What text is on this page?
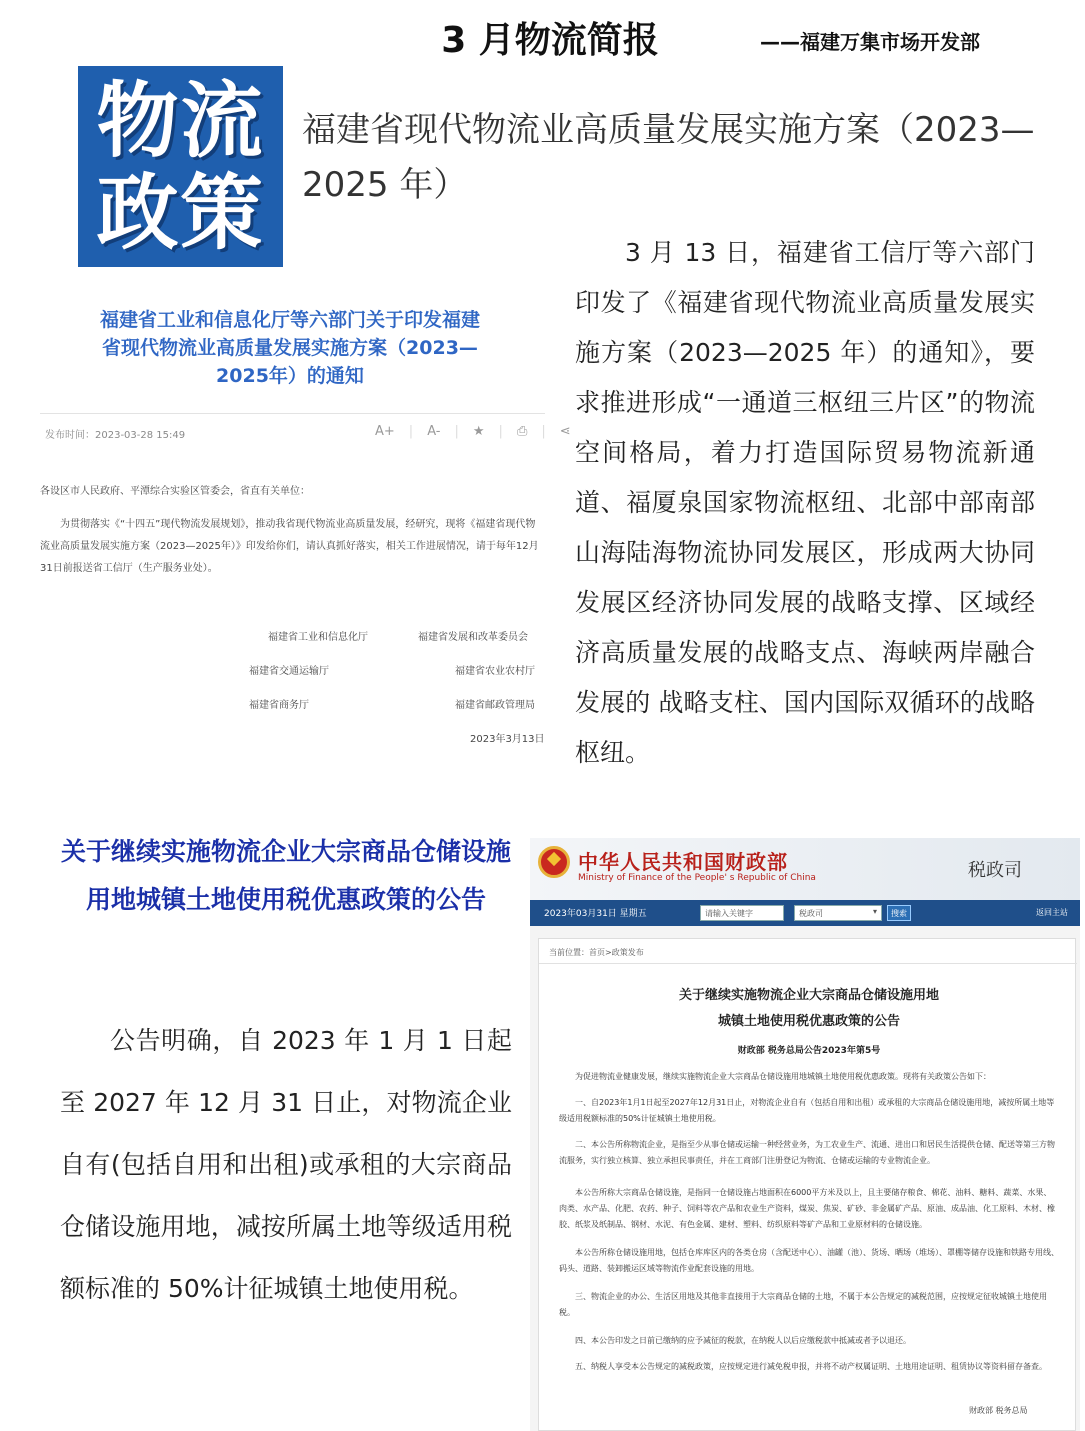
3 月物流简报	——福建万集市场开发部
物流
政策
福建省现代物流业高质量发展实施方案（2023—2025 年）
3 月 13 日，福建省工信厅等六部门印发了《福建省现代物流业高质量发展实施方案（2023—2025 年）的通知》，要求推进形成“一通道三枢纽三片区”的物流空间格局，着力打造国际贸易物流新通道、福厦泉国家物流枢纽、北部中部南部山海陆海物流协同发展区，形成两大协同发展区经济协同发展的战略支撑、区域经济高质量发展的战略支点、海峡两岸融合发展的 战略支柱、国内国际双循环的战略枢纽。
福建省工业和信息化厅等六部门关于印发福建省现代物流业高质量发展实施方案（2023—2025年）的通知
发布时间：2023-03-28 15:49	A+ | A- | ★ | ⎙ | ⋖
各设区市人民政府、平潭综合实验区管委会，省直有关单位：
为贯彻落实《“十四五”现代物流发展规划》，推动我省现代物流业高质量发展，经研究，现将《福建省现代物流业高质量发展实施方案（2023—2025年）》印发给你们，请认真抓好落实，相关工作进展情况，请于每年12月31日前报送省工信厅（生产服务业处）。
福建省工业和信息化厅	福建省发展和改革委员会
福建省交通运输厅	福建省农业农村厅
福建省商务厅	福建省邮政管理局
2023年3月13日
关于继续实施物流企业大宗商品仓储设施用地城镇土地使用税优惠政策的公告
公告明确，自 2023 年 1 月 1 日起至 2027 年 12 月 31 日止，对物流企业自有(包括自用和出租)或承租的大宗商品仓储设施用地，减按所属土地等级适用税额标准的 50%计征城镇土地使用税。
中华人民共和国财政部
Ministry of Finance of the People' s Republic of China	税政司
2023年03月31日 星期五	请输入关键字	税政司	▾	搜索	返回主站
当前位置：首页>政策发布
关于继续实施物流企业大宗商品仓储设施用地
城镇土地使用税优惠政策的公告
财政部 税务总局公告2023年第5号
为促进物流业健康发展，继续实施物流企业大宗商品仓储设施用地城镇土地使用税优惠政策。现将有关政策公告如下：
一、自2023年1月1日起至2027年12月31日止，对物流企业自有（包括自用和出租）或承租的大宗商品仓储设施用地，减按所属土地等级适用税额标准的50%计征城镇土地使用税。
二、本公告所称物流企业，是指至少从事仓储或运输一种经营业务，为工农业生产、流通、进出口和居民生活提供仓储、配送等第三方物流服务，实行独立核算、独立承担民事责任，并在工商部门注册登记为物流、仓储或运输的专业物流企业。
本公告所称大宗商品仓储设施，是指同一仓储设施占地面积在6000平方米及以上，且主要储存粮食、棉花、油料、糖料、蔬菜、水果、肉类、水产品、化肥、农药、种子、饲料等农产品和农业生产资料，煤炭、焦炭、矿砂、非金属矿产品、原油、成品油、化工原料、木材、橡胶、纸浆及纸制品、钢材、水泥、有色金属、建材、塑料、纺织原料等矿产品和工业原材料的仓储设施。
本公告所称仓储设施用地，包括仓库库区内的各类仓房（含配送中心）、油罐（池）、货场、晒场（堆场）、罩棚等储存设施和铁路专用线、码头、道路、装卸搬运区域等物流作业配套设施的用地。
三、物流企业的办公、生活区用地及其他非直接用于大宗商品仓储的土地，不属于本公告规定的减税范围，应按规定征收城镇土地使用税。
四、本公告印发之日前已缴纳的应予减征的税款，在纳税人以后应缴税款中抵减或者予以退还。
五、纳税人享受本公告规定的减税政策，应按规定进行减免税申报，并将不动产权属证明、土地用途证明、租赁协议等资料留存备查。
财政部 税务总局
